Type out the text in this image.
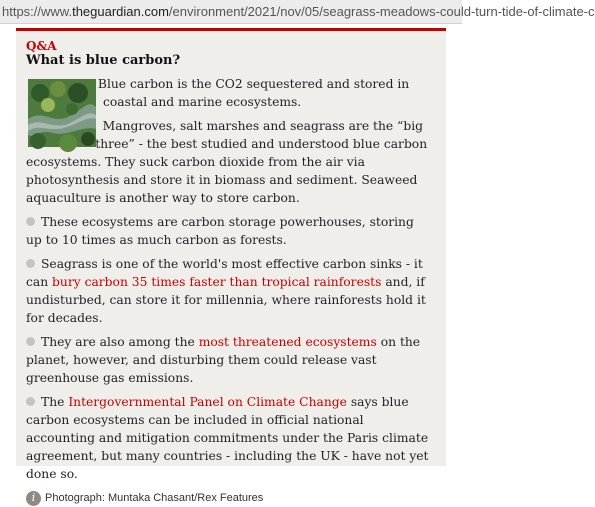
https://www.theguardian.com/environment/2021/nov/05/seagrass-meadows-could-turn-tide-of-climate-c
Q&A
What is blue carbon?

Blue carbon is the CO2 sequestered and stored in coastal and marine ecosystems.

Mangroves, salt marshes and seagrass are the “big three” - the best studied and understood blue carbon ecosystems. They suck carbon dioxide from the air via photosynthesis and store it in biomass and sediment. Seaweed aquaculture is another way to store carbon.

These ecosystems are carbon storage powerhouses, storing up to 10 times as much carbon as forests.

Seagrass is one of the world's most effective carbon sinks - it can bury carbon 35 times faster than tropical rainforests and, if undisturbed, can store it for millennia, where rainforests hold it for decades.

They are also among the most threatened ecosystems on the planet, however, and disturbing them could release vast greenhouse gas emissions.

The Intergovernmental Panel on Climate Change says blue carbon ecosystems can be included in official national accounting and mitigation commitments under the Paris climate agreement, but many countries - including the UK - have not yet done so.

i Photograph: Muntaka Chasant/Rex Features
